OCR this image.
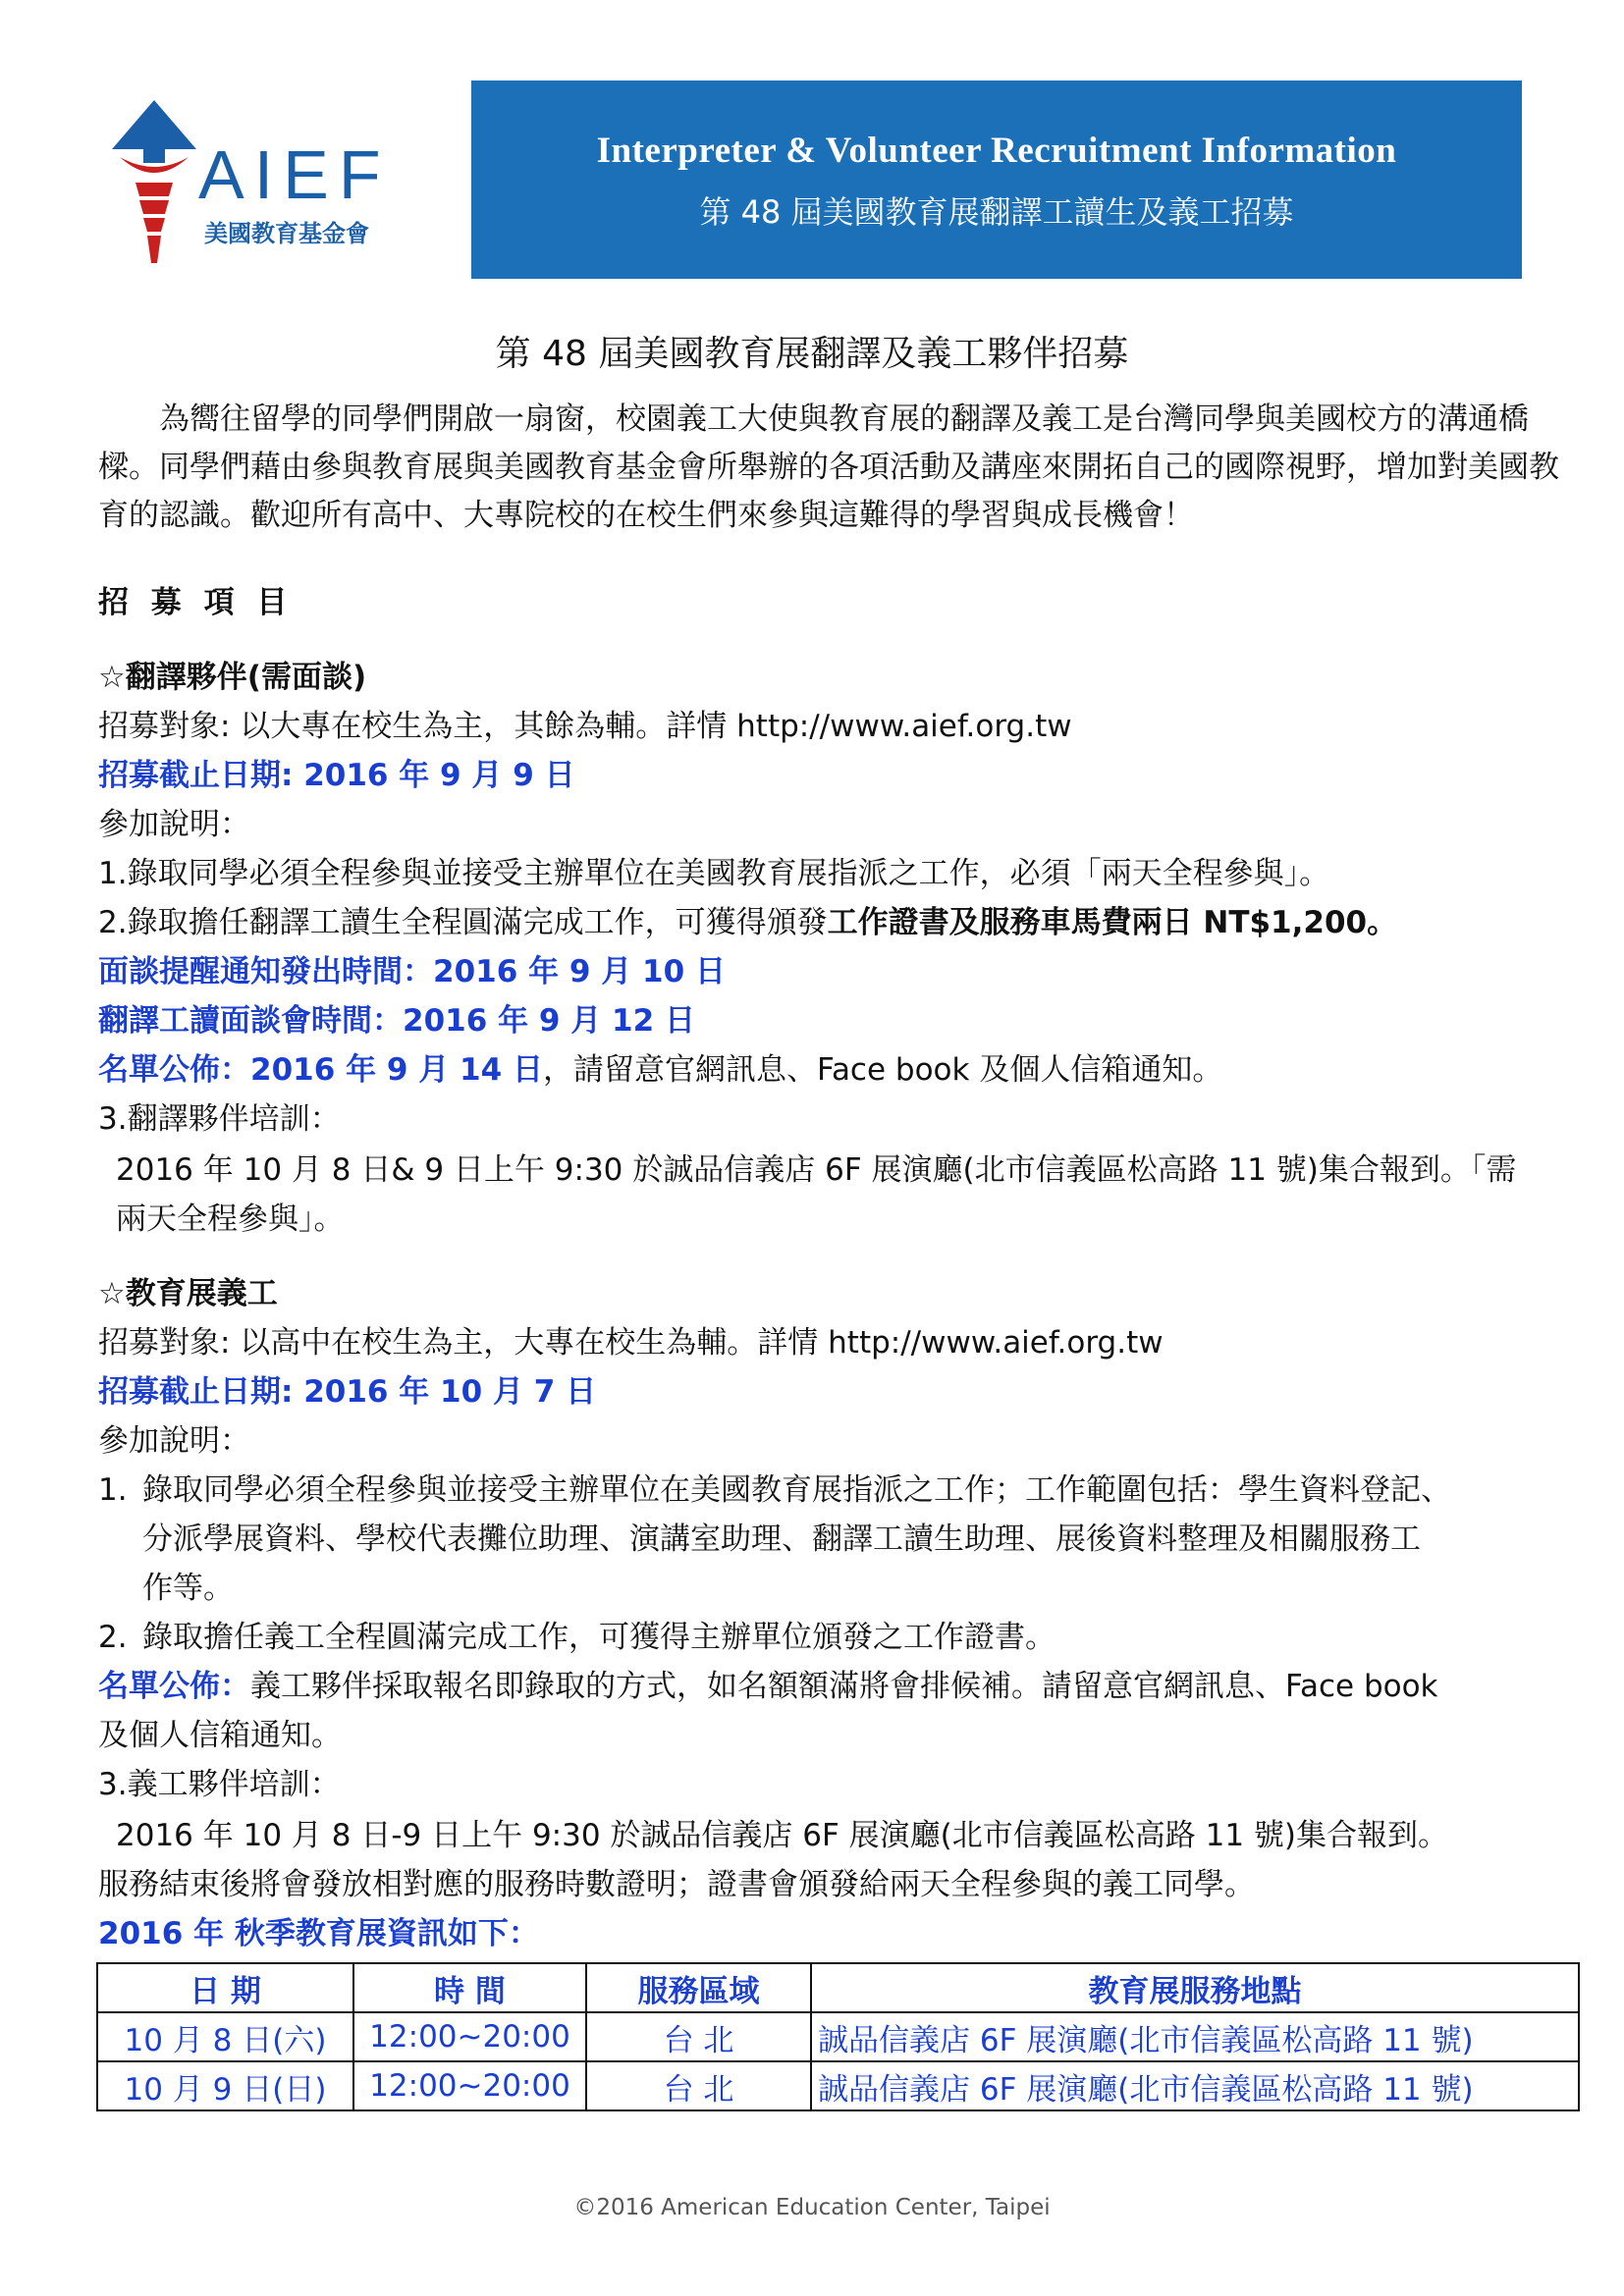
AIEF
美國教育基金會
Interpreter & Volunteer Recruitment Information
第 48 屆美國教育展翻譯工讀生及義工招募
第 48 屆美國教育展翻譯及義工夥伴招募
為嚮往留學的同學們開啟一扇窗，校園義工大使與教育展的翻譯及義工是台灣同學與美國校方的溝通橋樑。同學們藉由參與教育展與美國教育基金會所舉辦的各項活動及講座來開拓自己的國際視野，增加對美國教育的認識。歡迎所有高中、大專院校的在校生們來參與這難得的學習與成長機會！
招 募 項 目
☆翻譯夥伴(需面談)
招募對象: 以大專在校生為主，其餘為輔。詳情 http://www.aief.org.tw
招募截止日期: 2016 年 9 月 9 日
參加說明：
1.錄取同學必須全程參與並接受主辦單位在美國教育展指派之工作，必須「兩天全程參與」。
2.錄取擔任翻譯工讀生全程圓滿完成工作，可獲得頒發工作證書及服務車馬費兩日 NT$1,200。
面談提醒通知發出時間：2016 年 9 月 10 日
翻譯工讀面談會時間：2016 年 9 月 12 日
名單公佈：2016 年 9 月 14 日，請留意官網訊息、Face book 及個人信箱通知。
3.翻譯夥伴培訓：
2016 年 10 月 8 日& 9 日上午 9:30 於誠品信義店 6F 展演廳(北市信義區松高路 11 號)集合報到。「需
兩天全程參與」。
☆教育展義工
招募對象: 以高中在校生為主，大專在校生為輔。詳情 http://www.aief.org.tw
招募截止日期: 2016 年 10 月 7 日
參加說明：
1. 錄取同學必須全程參與並接受主辦單位在美國教育展指派之工作；工作範圍包括：學生資料登記、
分派學展資料、學校代表攤位助理、演講室助理、翻譯工讀生助理、展後資料整理及相關服務工
作等。
2. 錄取擔任義工全程圓滿完成工作，可獲得主辦單位頒發之工作證書。
名單公佈：義工夥伴採取報名即錄取的方式，如名額額滿將會排候補。請留意官網訊息、Face book
及個人信箱通知。
3.義工夥伴培訓：
2016 年 10 月 8 日-9 日上午 9:30 於誠品信義店 6F 展演廳(北市信義區松高路 11 號)集合報到。
服務結束後將會發放相對應的服務時數證明；證書會頒發給兩天全程參與的義工同學。
2016 年 秋季教育展資訊如下：
日 期	時 間	服務區域	教育展服務地點
10 月 8 日(六)	12:00~20:00	台 北	誠品信義店 6F 展演廳(北市信義區松高路 11 號)
10 月 9 日(日)	12:00~20:00	台 北	誠品信義店 6F 展演廳(北市信義區松高路 11 號)
©2016 American Education Center, Taipei
